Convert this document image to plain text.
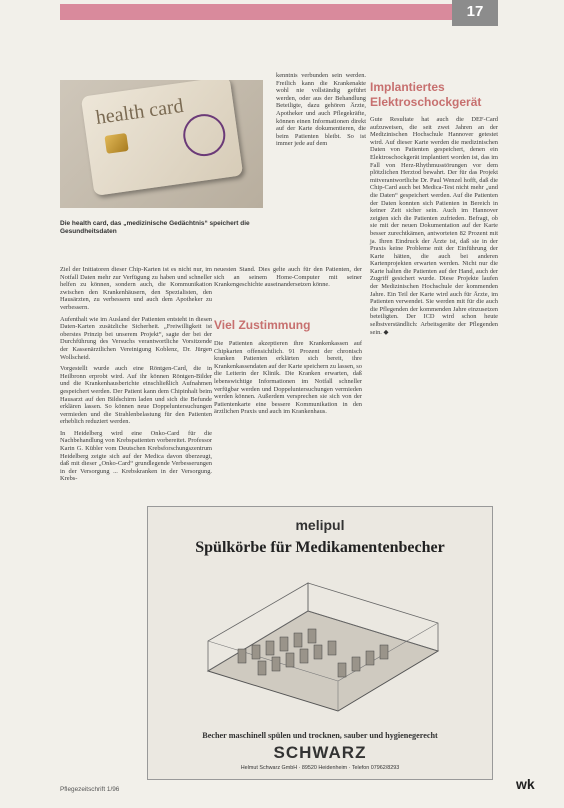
17
health card
Die health card, das „medizinische Gedächtnis“ speichert die Gesundheitsdaten

kenntnis verbunden sein werden. Freilich kann die Krankenakte wohl nie vollständig geführt werden, oder aus der Behandlung Beteiligte, dazu gehören Ärzte, Apotheker und auch Pflegekräfte, können einen Informationen direkt auf der Karte dokumentieren, die beim Patienten bleibt. So ist immer jede auf dem

Ziel der Initiatoren dieser Chip-Karten ist es nicht nur, im Notfall Daten mehr zur Verfügung zu haben und schneller helfen zu können, sondern auch, die Kommunikation zwischen den Krankenhäusern, den Spezialisten, den Hausärzten, zu verbessern und auch dem Apotheker zu verbessern.

Aufenthalt wie im Ausland der Patienten entsteht in diesen Daten-Karten zusätzliche Sicherheit. „Freiwilligkeit ist oberstes Prinzip bei unserem Projekt“, sagte der bei der Durchführung des Versuchs verantwortliche Vorsitzende der Kassenärztlichen Vereinigung Koblenz, Dr. Jürgen Wollscheid.

Vorgestellt wurde auch eine Röntgen-Card, die in Heilbronn erprobt wird. Auf ihr können Röntgen-Bilder und die Krankenhausberichte einschließlich Aufnahmen gespeichert werden. Der Patient kann dem Chipinhalt beim Hausarzt auf den Bildschirm laden und sich die Befunde erklären lassen. So können neue Doppeluntersuchungen vermieden und die Strahlenbelastung für den Patienten erheblich reduziert werden.

In Heidelberg wird eine Onko-Card für die Nachbehandlung von Krebspatienten vorbereitet. Professor Karin G. Kübler vom Deutschen Krebsforschungszentrum Heidelberg zeigte sich auf der Medica davon überzeugt, daß mit dieser „Onko-Card“ grundlegende Verbesserungen in der Versorgung ... Krebskranken in der Versorgung. Krebs-

neuesten Stand. Dies gelte auch für den Patienten, der sich an seinem Home-Computer mit seiner Krankengeschichte auseinandersetzen könne.

Viel Zustimmung

Die Patienten akzeptieren ihre Krankenkassen auf Chipkarten offensichtlich. 91 Prozent der chronisch kranken Patienten erklärten sich bereit, ihre Krankenkassendaten auf der Karte speichern zu lassen, so die Leiterin der Klinik. Die Kranken erwarten, daß lebenswichtige Informationen im Notfall schneller verfügbar werden und Doppeluntersuchungen vermieden werden können. Außerdem versprechen sie sich von der Patientenkarte eine bessere Kommunikation in den ärztlichen Praxis und auch im Krankenhaus.

Implantiertes Elektroschockgerät

Gute Resultate hat auch die DEF-Card aufzuweisen, die seit zwei Jahren an der Medizinischen Hochschule Hannover getestet wird. Auf dieser Karte werden die medizinischen Daten von Patienten gespeichert, denen ein Elektroschockgerät implantiert worden ist, das im Fall von Herz-Rhythmusstörungen vor dem plötzlichen Herztod bewahrt. Der für das Projekt mitverantwortliche Dr. Paul Wenzel hofft, daß die Chip-Card auch bei Medica-Test nicht mehr „und die Daten“ gespeichert werden. Auf die Patienten der Daten konnten sich Patienten in Bereich in keiner Zeit sicher sein. Auch im Hannover zeigten sich die Patienten zufrieden. Befragt, ob sie mit der neuen Dokumentation auf der Karte besser zurechtkämen, antworteten 82 Prozent mit ja. Ihren Eindruck der Ärzte ist, daß sie in der Praxis keine Probleme mit der Einführung der Karte hätten, die auch bei anderen Kartenprojekten erwarten werden. Nicht nur die Karte halten die Patienten auf der Hand, auch der Zugriff gesichert wurde. Diese Projekte laufen der Medizinischen Hochschule der kommenden Jahre. Ein Teil der Karte wird auch für Ärzte, im Patienten verwendet. Sie werden mit für die auch die Pflegenden der kommenden Jahre einzusetzen beteiligten. Der ICD wird schon heute selbstverständlich: Arbeitsgeräte der Pflegenden sein. ◆

melipul
Spülkörbe für Medikamentenbecher
Becher maschinell spülen und trocknen, sauber und hygienegerecht
SCHWARZ
Helmut Schwarz GmbH · 89520 Heidenheim · Telefon 07962/8293
Pflegezeitschrift 1/96	wk
